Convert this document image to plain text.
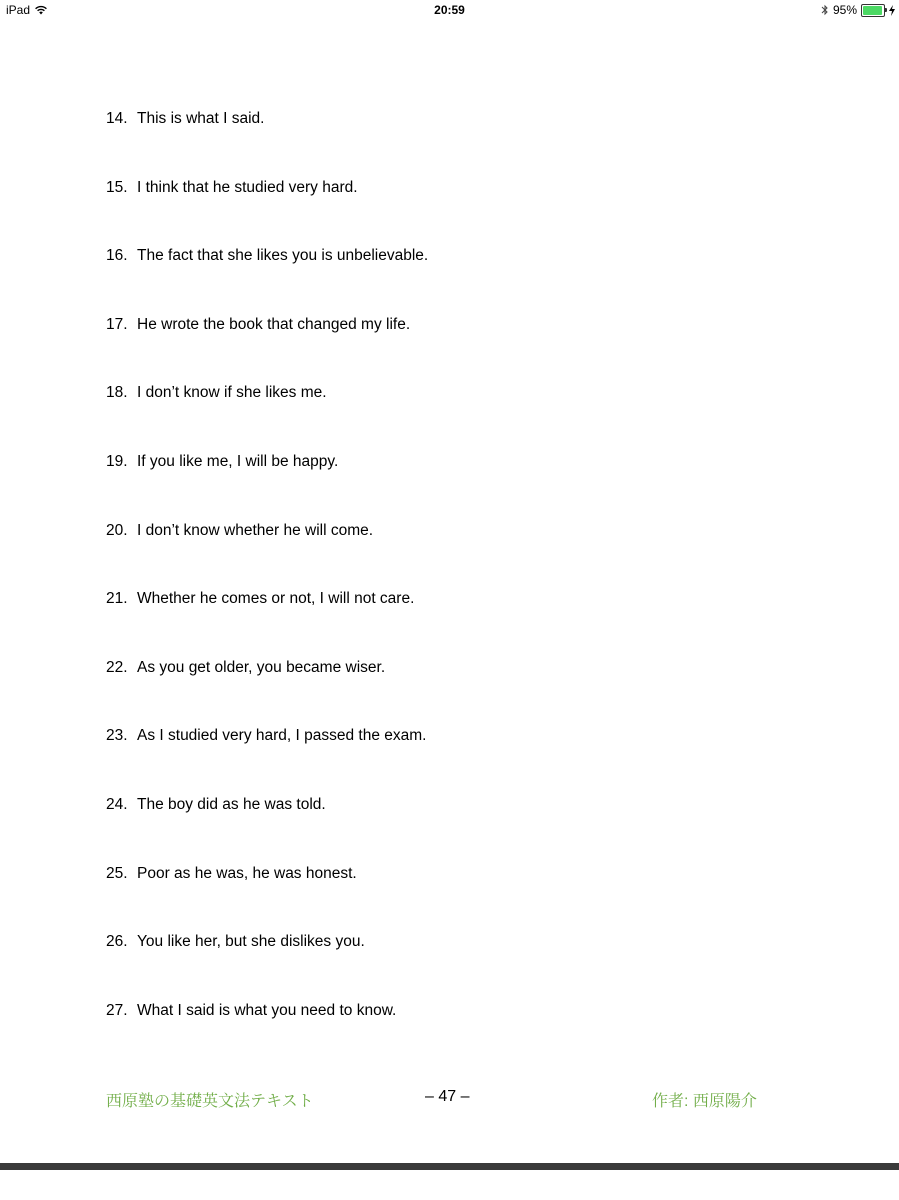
iPad	20:59	95%
14. This is what I said.
15. I think that he studied very hard.
16. The fact that she likes you is unbelievable.
17. He wrote the book that changed my life.
18. I don’t know if she likes me.
19. If you like me, I will be happy.
20. I don’t know whether he will come.
21. Whether he comes or not, I will not care.
22. As you get older, you became wiser.
23. As I studied very hard, I passed the exam.
24. The boy did as he was told.
25. Poor as he was, he was honest.
26. You like her, but she dislikes you.
27. What I said is what you need to know.
西原塾の基礎英文法テキスト	– 47 –	作者: 西原陽介
